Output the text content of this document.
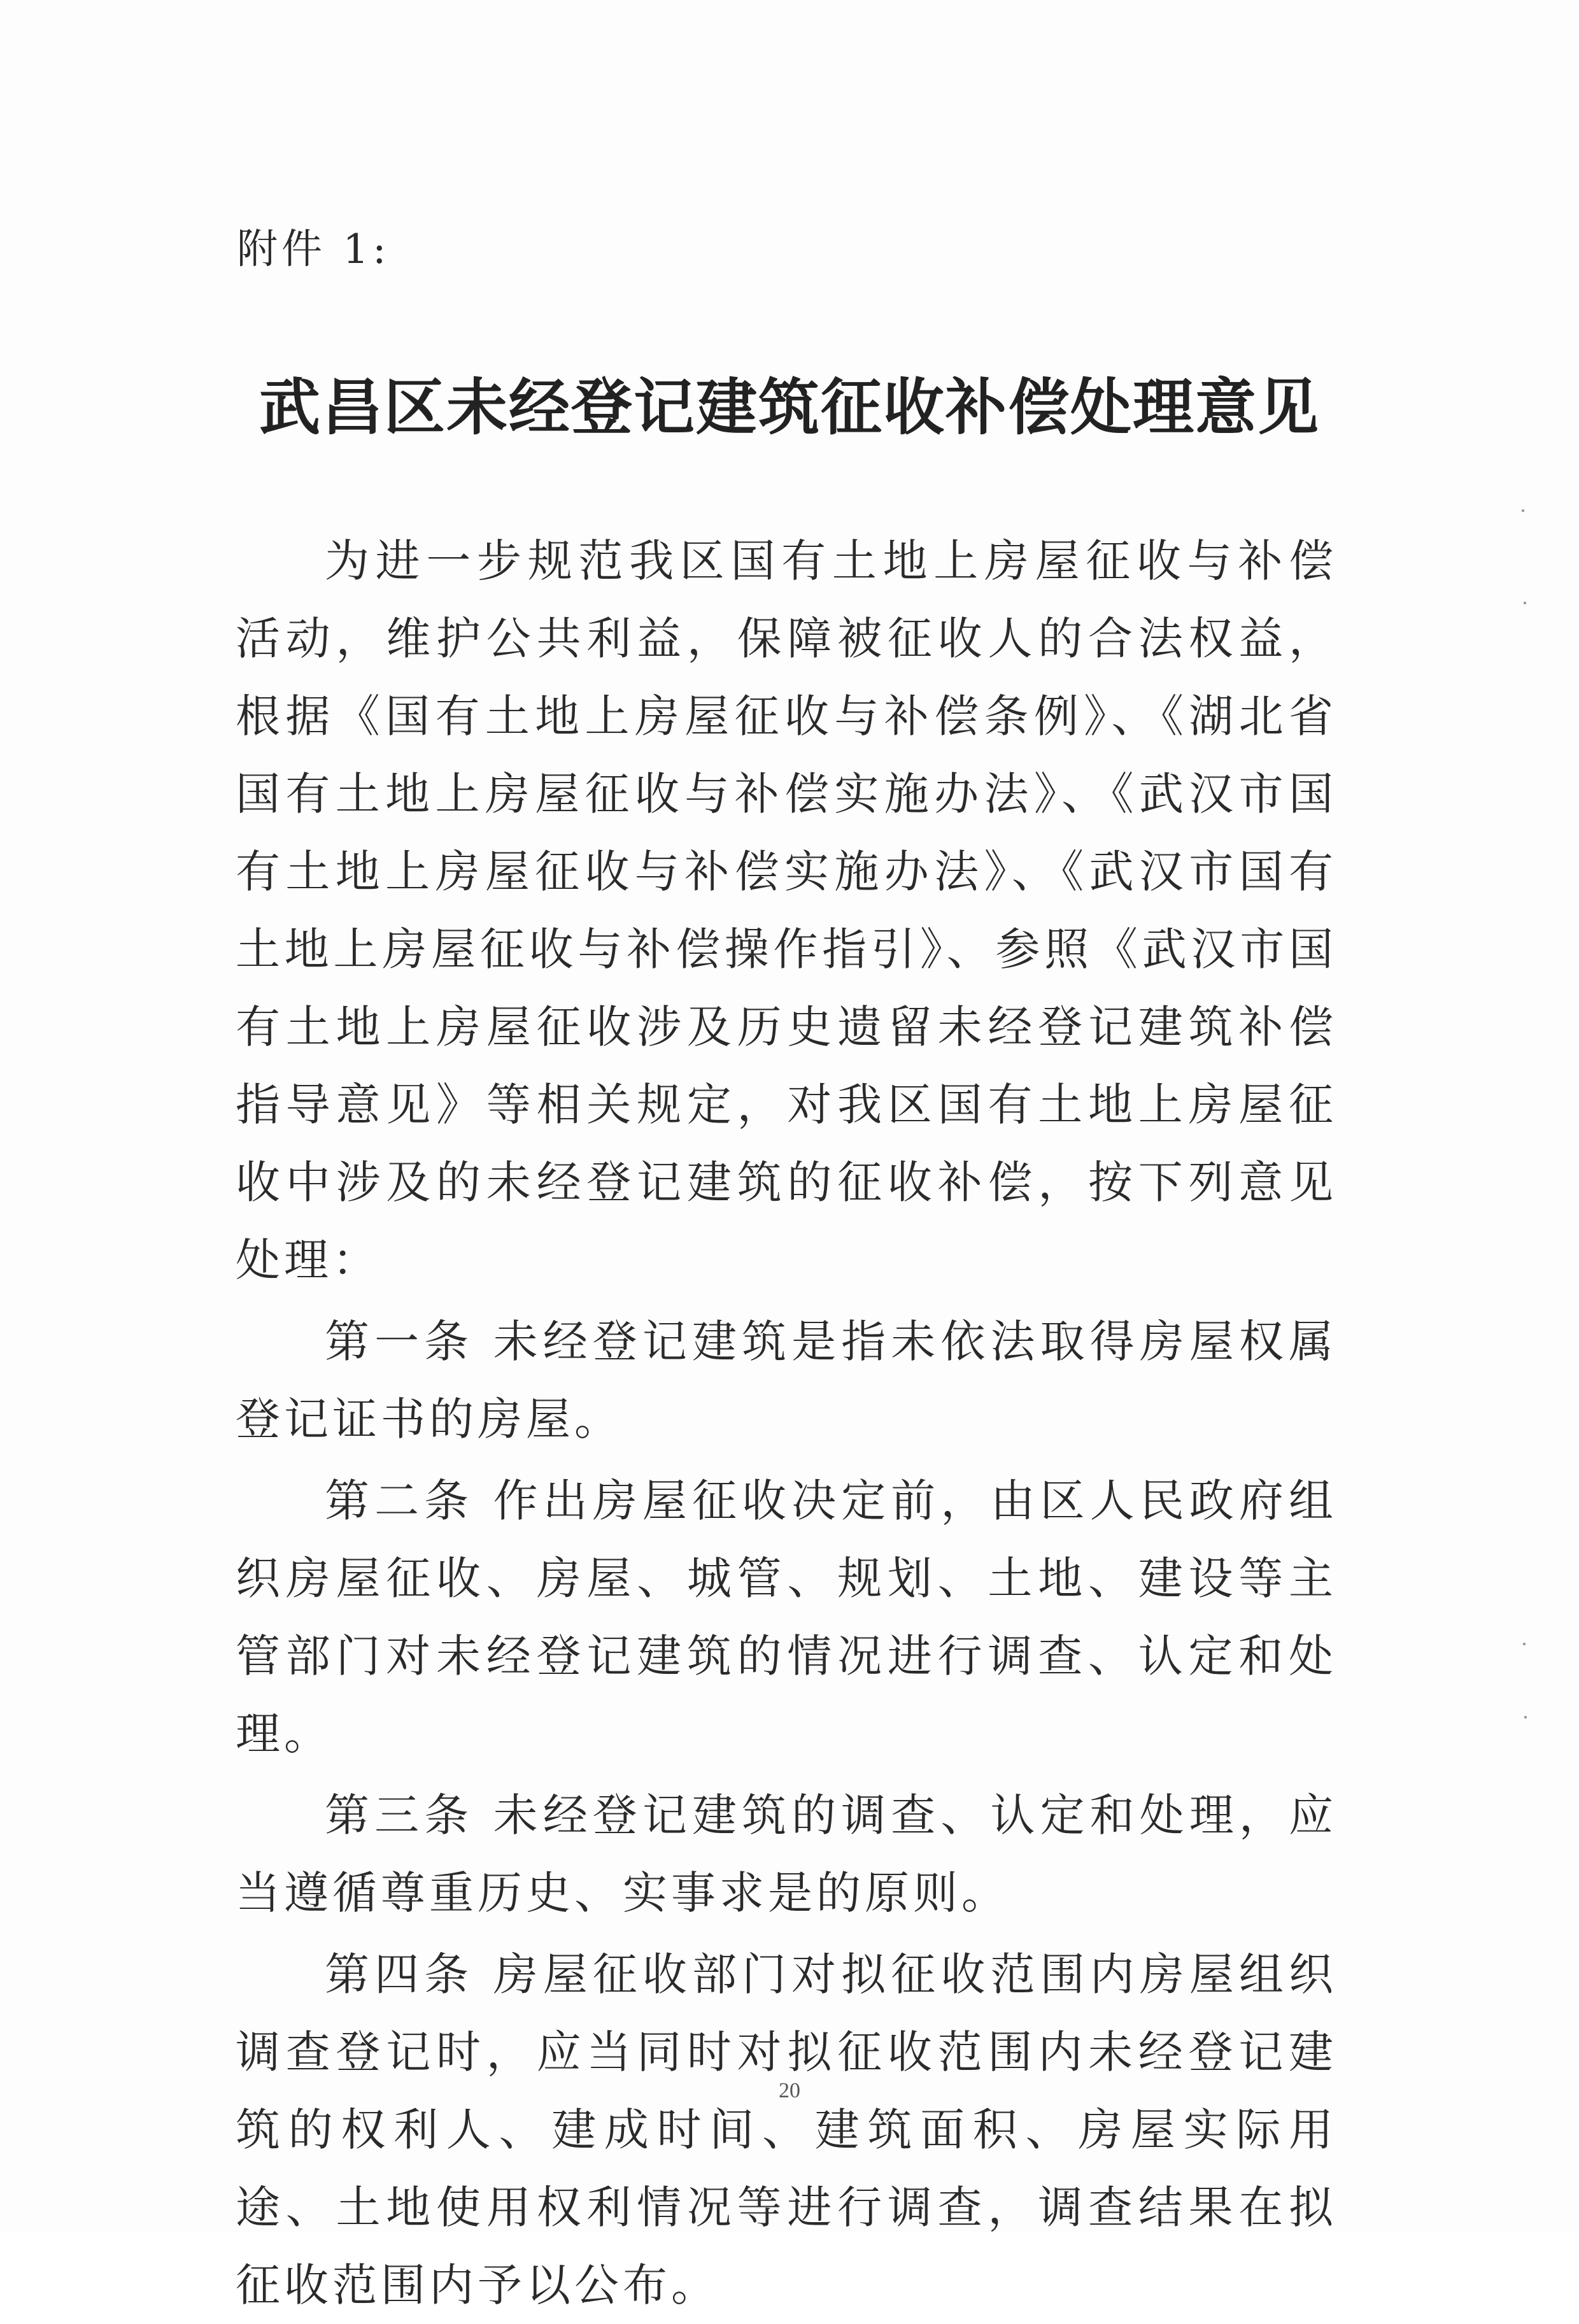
附件 1:
武昌区未经登记建筑征收补偿处理意见

为进一步规范我区国有土地上房屋征收与补偿活动，维护公共利益，保障被征收人的合法权益，根据《国有土地上房屋征收与补偿条例》、《湖北省国有土地上房屋征收与补偿实施办法》、《武汉市国有土地上房屋征收与补偿实施办法》、《武汉市国有土地上房屋征收与补偿操作指引》、参照《武汉市国有土地上房屋征收涉及历史遗留未经登记建筑补偿指导意见》等相关规定，对我区国有土地上房屋征收中涉及的未经登记建筑的征收补偿，按下列意见处理：

第一条 未经登记建筑是指未依法取得房屋权属登记证书的房屋。

第二条 作出房屋征收决定前，由区人民政府组织房屋征收、房屋、城管、规划、土地、建设等主管部门对未经登记建筑的情况进行调查、认定和处理。

第三条 未经登记建筑的调查、认定和处理，应当遵循尊重历史、实事求是的原则。

第四条 房屋征收部门对拟征收范围内房屋组织调查登记时，应当同时对拟征收范围内未经登记建筑的权利人、建成时间、建筑面积、房屋实际用途、土地使用权利情况等进行调查，调查结果在拟征收范围内予以公布。

20
